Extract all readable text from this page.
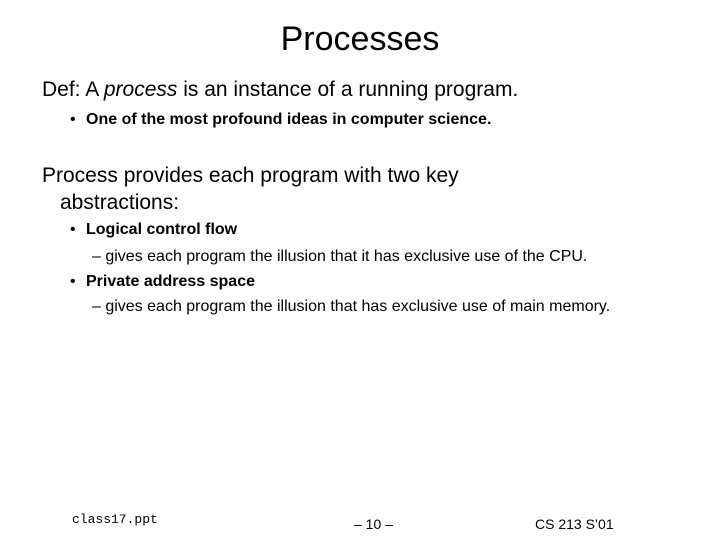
Processes
Def: A process is an instance of a running program.
• One of the most profound ideas in computer science.
Process provides each program with two key
abstractions:
• Logical control flow
– gives each program the illusion that it has exclusive use of the CPU.
• Private address space
– gives each program the illusion that has exclusive use of main memory.
class17.ppt	– 10 –	CS 213 S’01
